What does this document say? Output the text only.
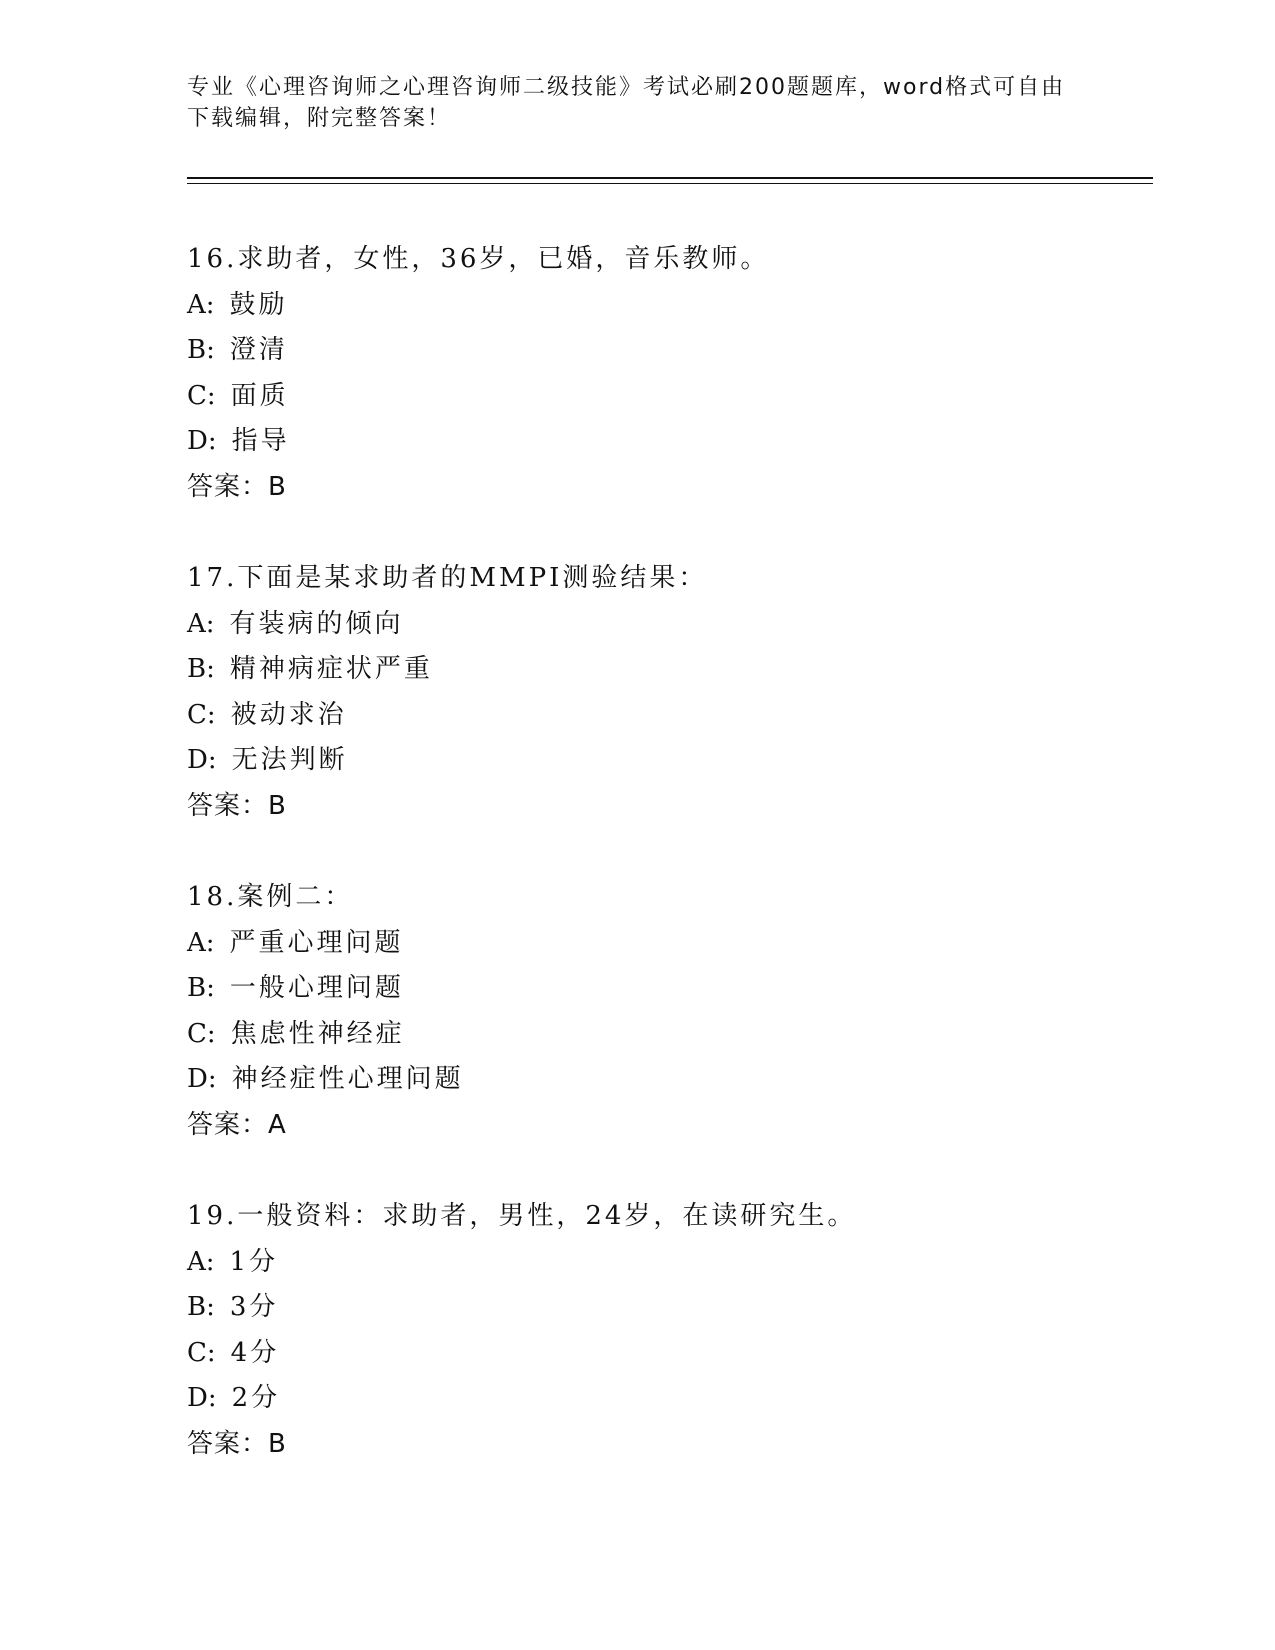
专业《心理咨询师之心理咨询师二级技能》考试必刷200题题库，word格式可自由下载编辑，附完整答案！
16.求助者，女性，36岁，已婚，音乐教师。
A: 鼓励
B: 澄清
C: 面质
D: 指导
答案：B
17.下面是某求助者的MMPI测验结果：
A: 有装病的倾向
B: 精神病症状严重
C: 被动求治
D: 无法判断
答案：B
18.案例二：
A: 严重心理问题
B: 一般心理问题
C: 焦虑性神经症
D: 神经症性心理问题
答案：A
19.一般资料：求助者，男性，24岁，在读研究生。
A: 1分
B: 3分
C: 4分
D: 2分
答案：B
